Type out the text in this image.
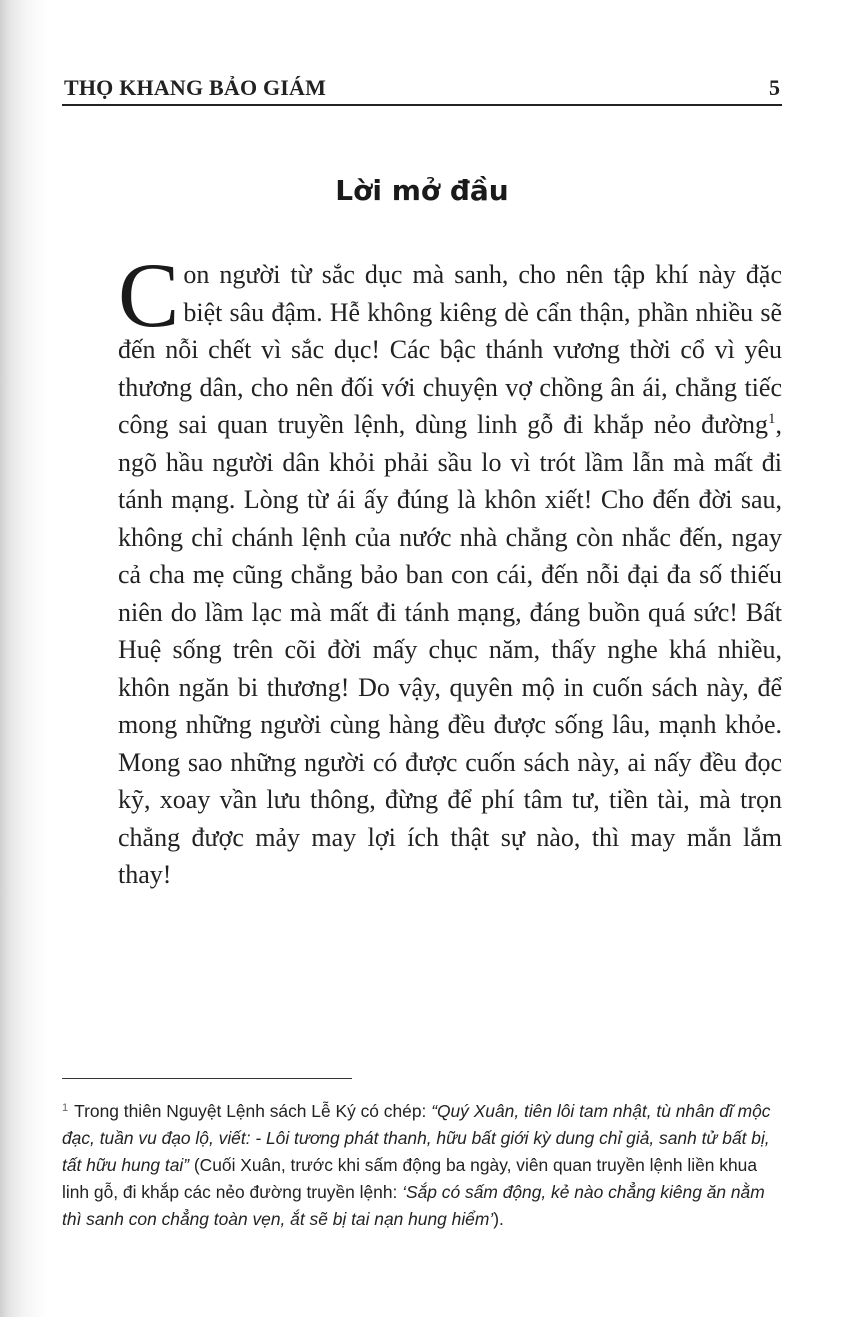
THỌ KHANG BẢO GIÁM	5
Lời mở đầu

Con người từ sắc dục mà sanh, cho nên tập khí này đặc biệt sâu đậm. Hễ không kiêng dè cẩn thận, phần nhiều sẽ đến nỗi chết vì sắc dục! Các bậc thánh vương thời cổ vì yêu thương dân, cho nên đối với chuyện vợ chồng ân ái, chẳng tiếc công sai quan truyền lệnh, dùng linh gỗ đi khắp nẻo đường$^1$, ngõ hầu người dân khỏi phải sầu lo vì trót lầm lẫn mà mất đi tánh mạng. Lòng từ ái ấy đúng là khôn xiết! Cho đến đời sau, không chỉ chánh lệnh của nước nhà chẳng còn nhắc đến, ngay cả cha mẹ cũng chẳng bảo ban con cái, đến nỗi đại đa số thiếu niên do lầm lạc mà mất đi tánh mạng, đáng buồn quá sức! Bất Huệ sống trên cõi đời mấy chục năm, thấy nghe khá nhiều, khôn ngăn bi thương! Do vậy, quyên mộ in cuốn sách này, để mong những người cùng hàng đều được sống lâu, mạnh khỏe. Mong sao những người có được cuốn sách này, ai nấy đều đọc kỹ, xoay vần lưu thông, đừng để phí tâm tư, tiền tài, mà trọn chẳng được mảy may lợi ích thật sự nào, thì may mắn lắm thay!

$^1$ Trong thiên Nguyệt Lệnh sách Lễ Ký có chép: “Quý Xuân, tiên lôi tam nhật, tù nhân dĩ mộc đạc, tuần vu đạo lộ, viết: - Lôi tương phát thanh, hữu bất giới kỳ dung chỉ giả, sanh tử bất bị, tất hữu hung tai” (Cuối Xuân, trước khi sấm động ba ngày, viên quan truyền lệnh liền khua linh gỗ, đi khắp các nẻo đường truyền lệnh: ‘Sắp có sấm động, kẻ nào chẳng kiêng ăn nằm thì sanh con chẳng toàn vẹn, ắt sẽ bị tai nạn hung hiểm’).
